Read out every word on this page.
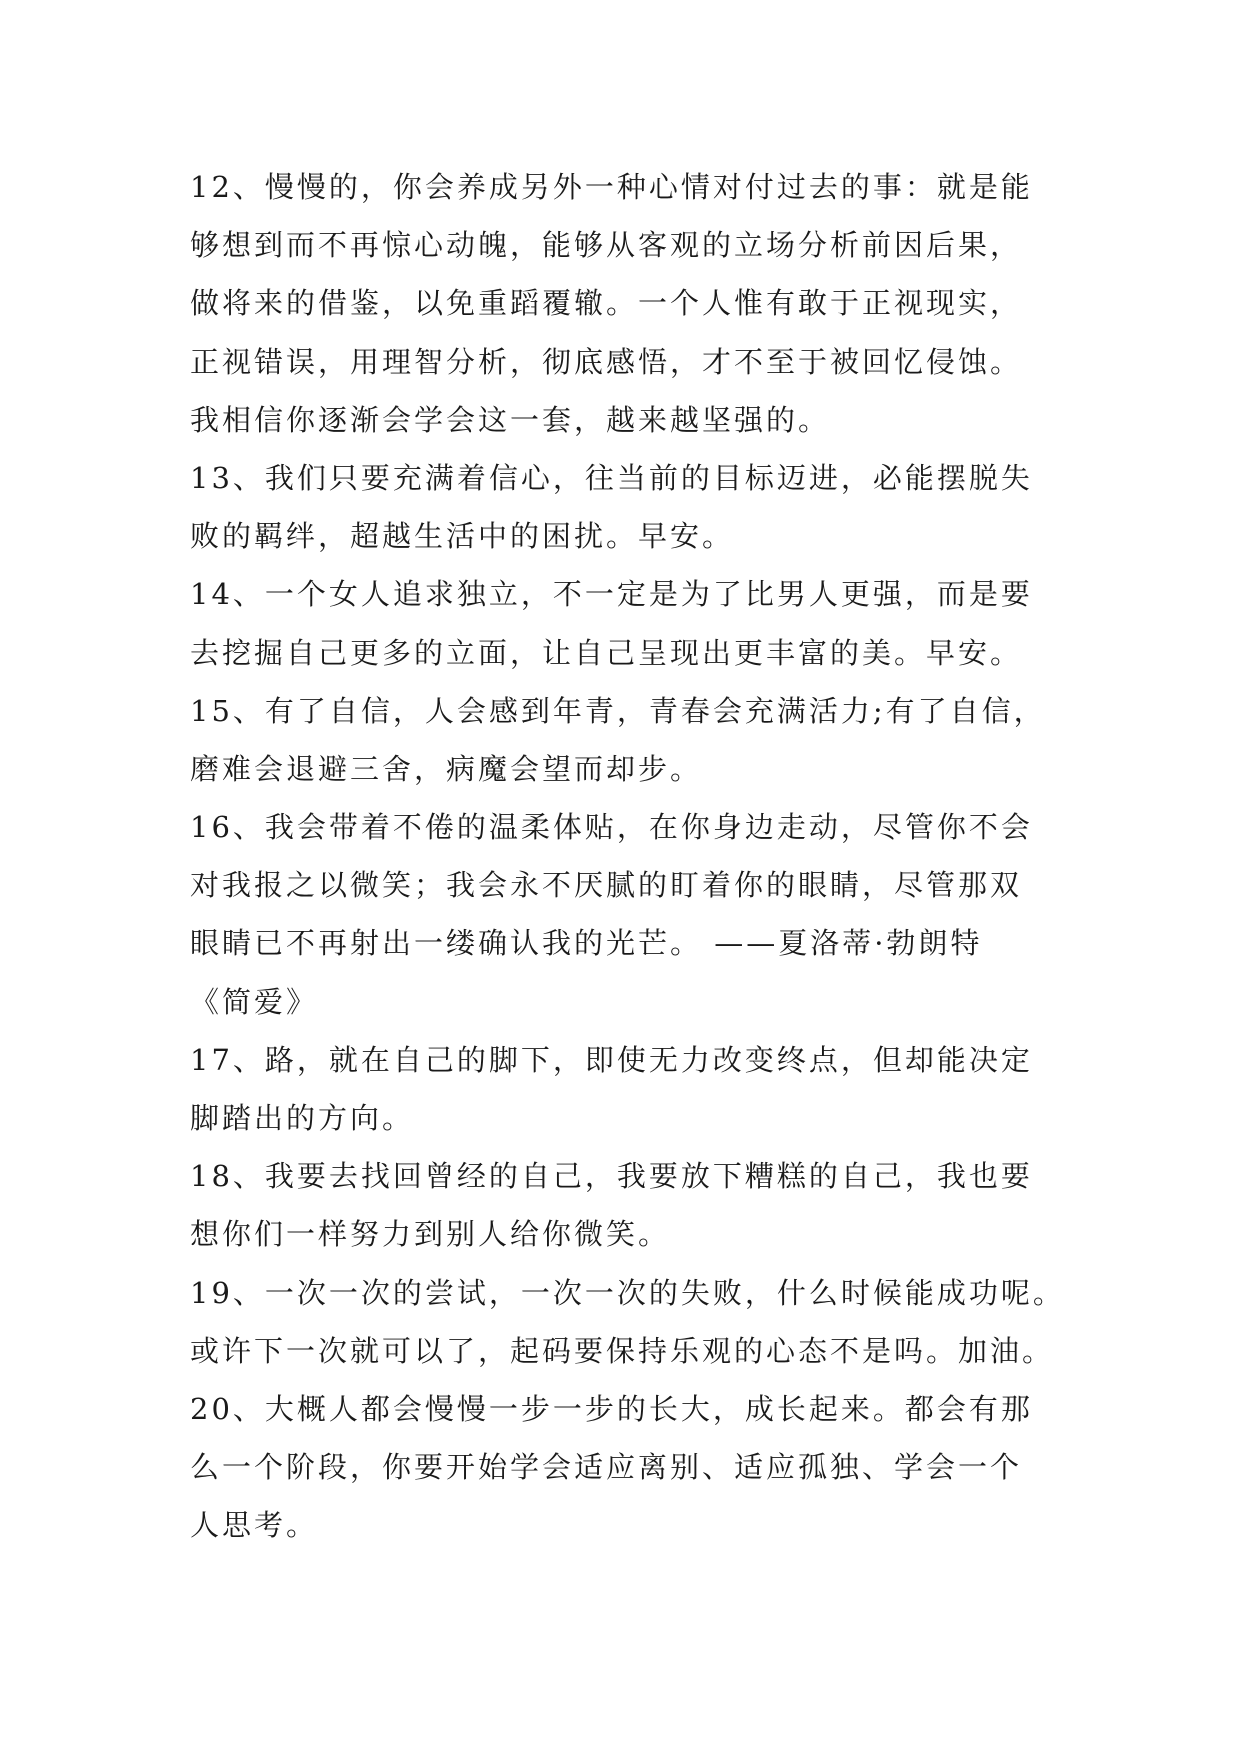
12、慢慢的，你会养成另外一种心情对付过去的事：就是能
够想到而不再惊心动魄，能够从客观的立场分析前因后果，
做将来的借鉴，以免重蹈覆辙。一个人惟有敢于正视现实，
正视错误，用理智分析，彻底感悟，才不至于被回忆侵蚀。
我相信你逐渐会学会这一套，越来越坚强的。
13、我们只要充满着信心，往当前的目标迈进，必能摆脱失
败的羁绊，超越生活中的困扰。早安。
14、一个女人追求独立，不一定是为了比男人更强，而是要
去挖掘自己更多的立面，让自己呈现出更丰富的美。早安。
15、有了自信，人会感到年青，青春会充满活力;有了自信，
磨难会退避三舍，病魔会望而却步。
16、我会带着不倦的温柔体贴，在你身边走动，尽管你不会
对我报之以微笑；我会永不厌腻的盯着你的眼睛，尽管那双
眼睛已不再射出一缕确认我的光芒。 ——夏洛蒂·勃朗特
《简爱》
17、路，就在自己的脚下，即使无力改变终点，但却能决定
脚踏出的方向。
18、我要去找回曾经的自己，我要放下糟糕的自己，我也要
想你们一样努力到别人给你微笑。
19、一次一次的尝试，一次一次的失败，什么时候能成功呢。
或许下一次就可以了，起码要保持乐观的心态不是吗。加油。
20、大概人都会慢慢一步一步的长大，成长起来。都会有那
么一个阶段，你要开始学会适应离别、适应孤独、学会一个
人思考。
